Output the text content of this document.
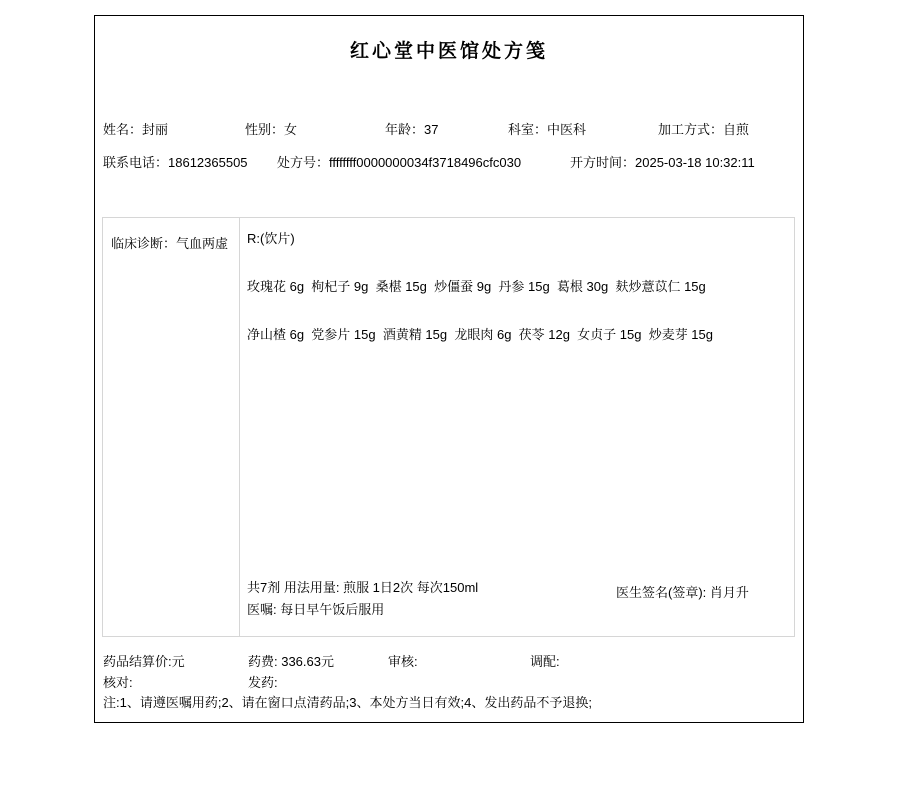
红心堂中医馆处方笺
姓名：封丽	性别：女	年龄：37	科室：中医科	加工方式：自煎
联系电话：18612365505 处方号：ffffffff0000000034f3718496cfc030	开方时间：2025-03-18 10:32:11
临床诊断：气血两虚	R:(饮片)
玫瑰花 6g  枸杞子 9g  桑椹 15g  炒僵蚕 9g  丹参 15g  葛根 30g  麸炒薏苡仁 15g
净山楂 6g  党参片 15g  酒黄精 15g  龙眼肉 6g  茯苓 12g  女贞子 15g  炒麦芽 15g
共7剂 用法用量: 煎服 1日2次 每次150ml	医生签名(签章): 肖月升
医嘱: 每日早午饭后服用
药品结算价:元	药费: 336.63元	审核:	调配:
核对:	发药:
注:1、请遵医嘱用药;2、请在窗口点清药品;3、本处方当日有效;4、发出药品不予退换;
